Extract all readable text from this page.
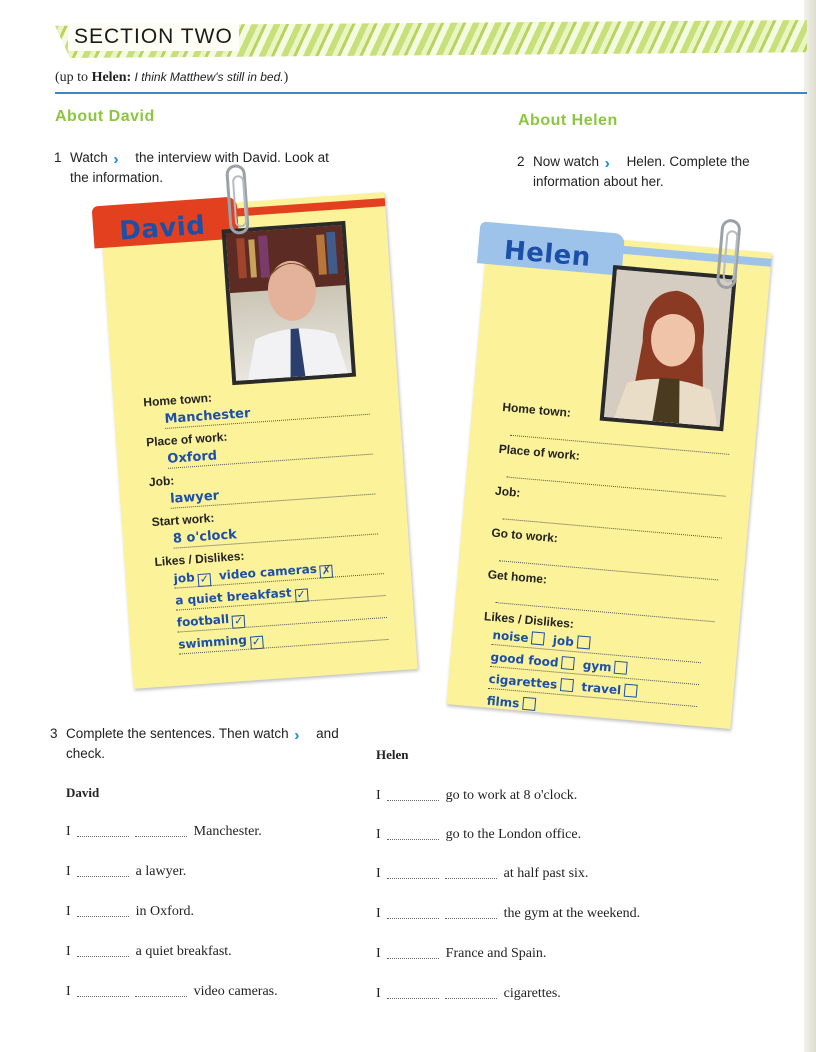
SECTION TWO
(up to Helen: I think Matthew's still in bed.)
About David
1 Watch the interview with David. Look at
the information.
About Helen
2 Now watch Helen. Complete the
information about her.
David
Home town:
Manchester
Place of work:
Oxford
Job:
lawyer
Start work:
8 o'clock
Likes / Dislikes:
job ✓ video cameras ✗
a quiet breakfast ✓
football ✓
swimming ✓
Helen
Home town:
Place of work:
Job:
Go to work:
Get home:
Likes / Dislikes:
noise job
good food gym
cigarettes travel
films
3 Complete the sentences. Then watch and
check.
David
Helen
I	Manchester.
I	a lawyer.
I	in Oxford.
I	a quiet breakfast.
I	video cameras.
I	go to work at 8 o'clock.
I	go to the London office.
I	at half past six.
I	the gym at the weekend.
I	France and Spain.
I	cigarettes.
